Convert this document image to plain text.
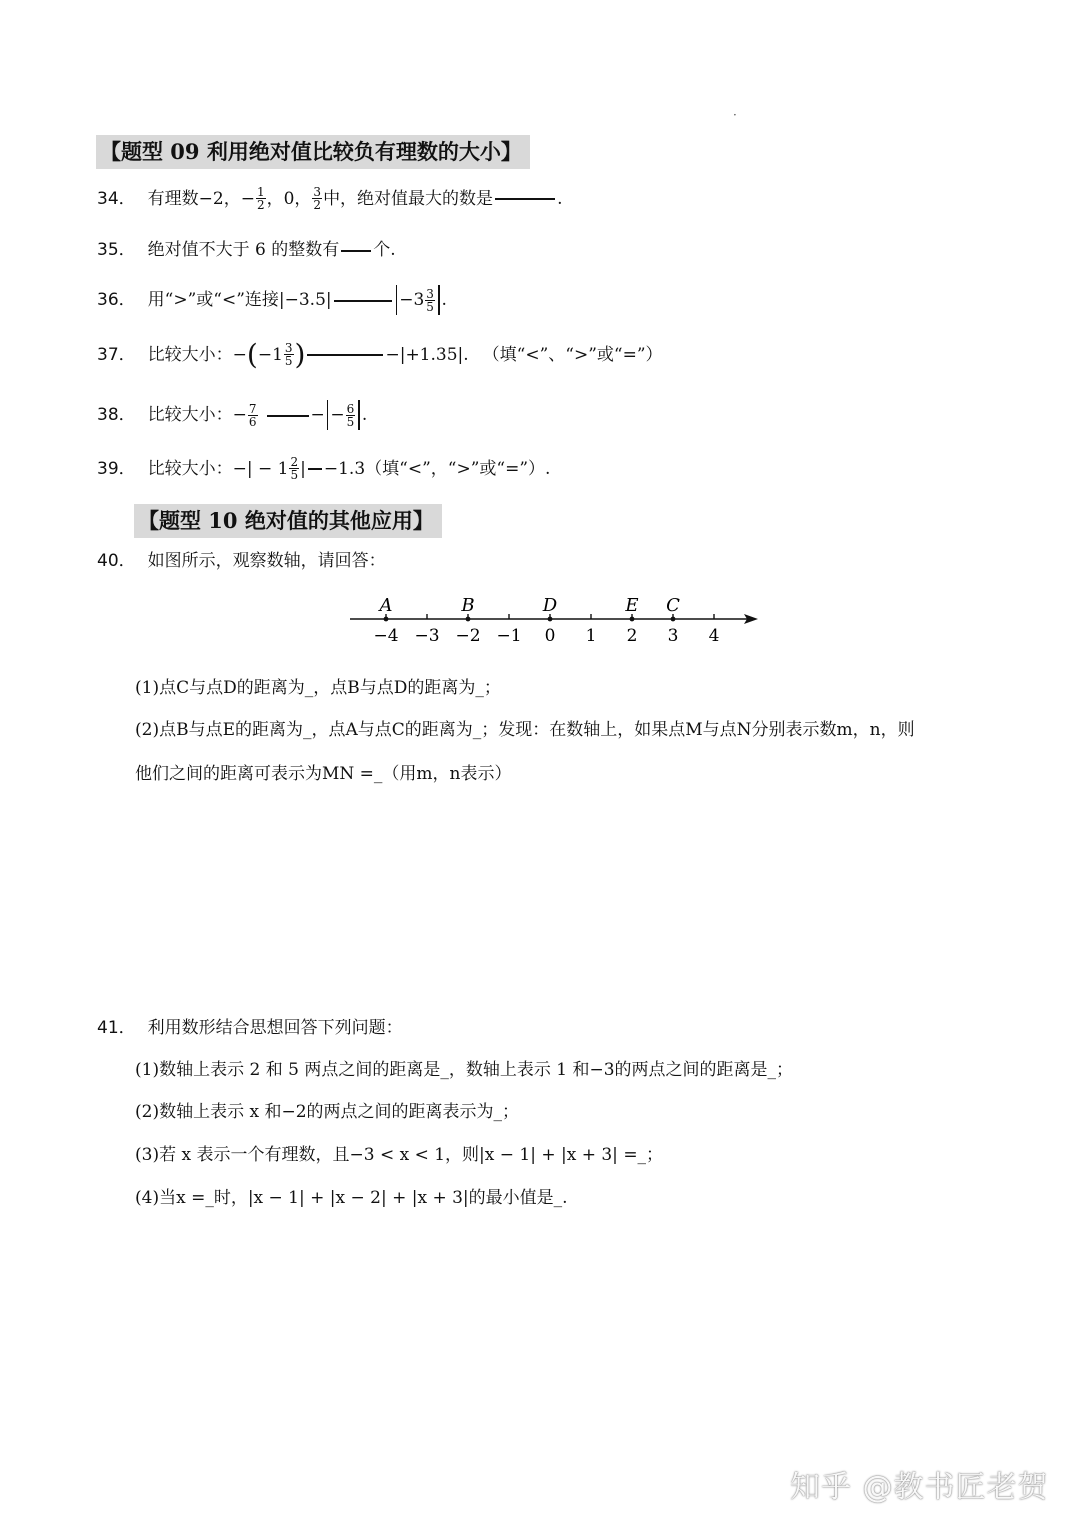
·
【题型 09 利用绝对值比较负有理数的大小】
34． 有理数−2，− $\frac{1}{2}$ ，0， $\frac{3}{2}$ 中，绝对值最大的数是	.
35． 绝对值不大于 6 的整数有 个.
36． 用“>”或“<”连接|−3.5|	$-3 \frac{3}{5}$ .
37． 比较大小：− ( $-1 \frac{3}{5}$ )	−|+1.35|. （填“<”、“>”或“=”）
38． 比较大小：− $\frac{7}{6}$	− − $\frac{6}{5}$ .
39． 比较大小：−| − $1 \frac{2}{5}$ | −1.3（填“<”，“>”或“=”）.
【题型 10 绝对值的其他应用】
40． 如图所示，观察数轴，请回答：
−4 −3 −2 −1 0 1 2 3 4
A	B	D	E C
(1)点C与点D的距离为_，点B与点D的距离为_；
(2)点B与点E的距离为_，点A与点C的距离为_；发现：在数轴上，如果点M与点N分别表示数m，n，则
他们之间的距离可表示为MN =_（用m，n表示）
41． 利用数形结合思想回答下列问题：
(1)数轴上表示 2 和 5 两点之间的距离是_，数轴上表示 1 和−3的两点之间的距离是_；
(2)数轴上表示 x 和−2的两点之间的距离表示为_；
(3)若 x 表示一个有理数，且−3 < x < 1，则|x − 1| + |x + 3| =_；
(4)当x =_时，|x − 1| + |x − 2| + |x + 3|的最小值是_.
知乎 @教书匠老贺
